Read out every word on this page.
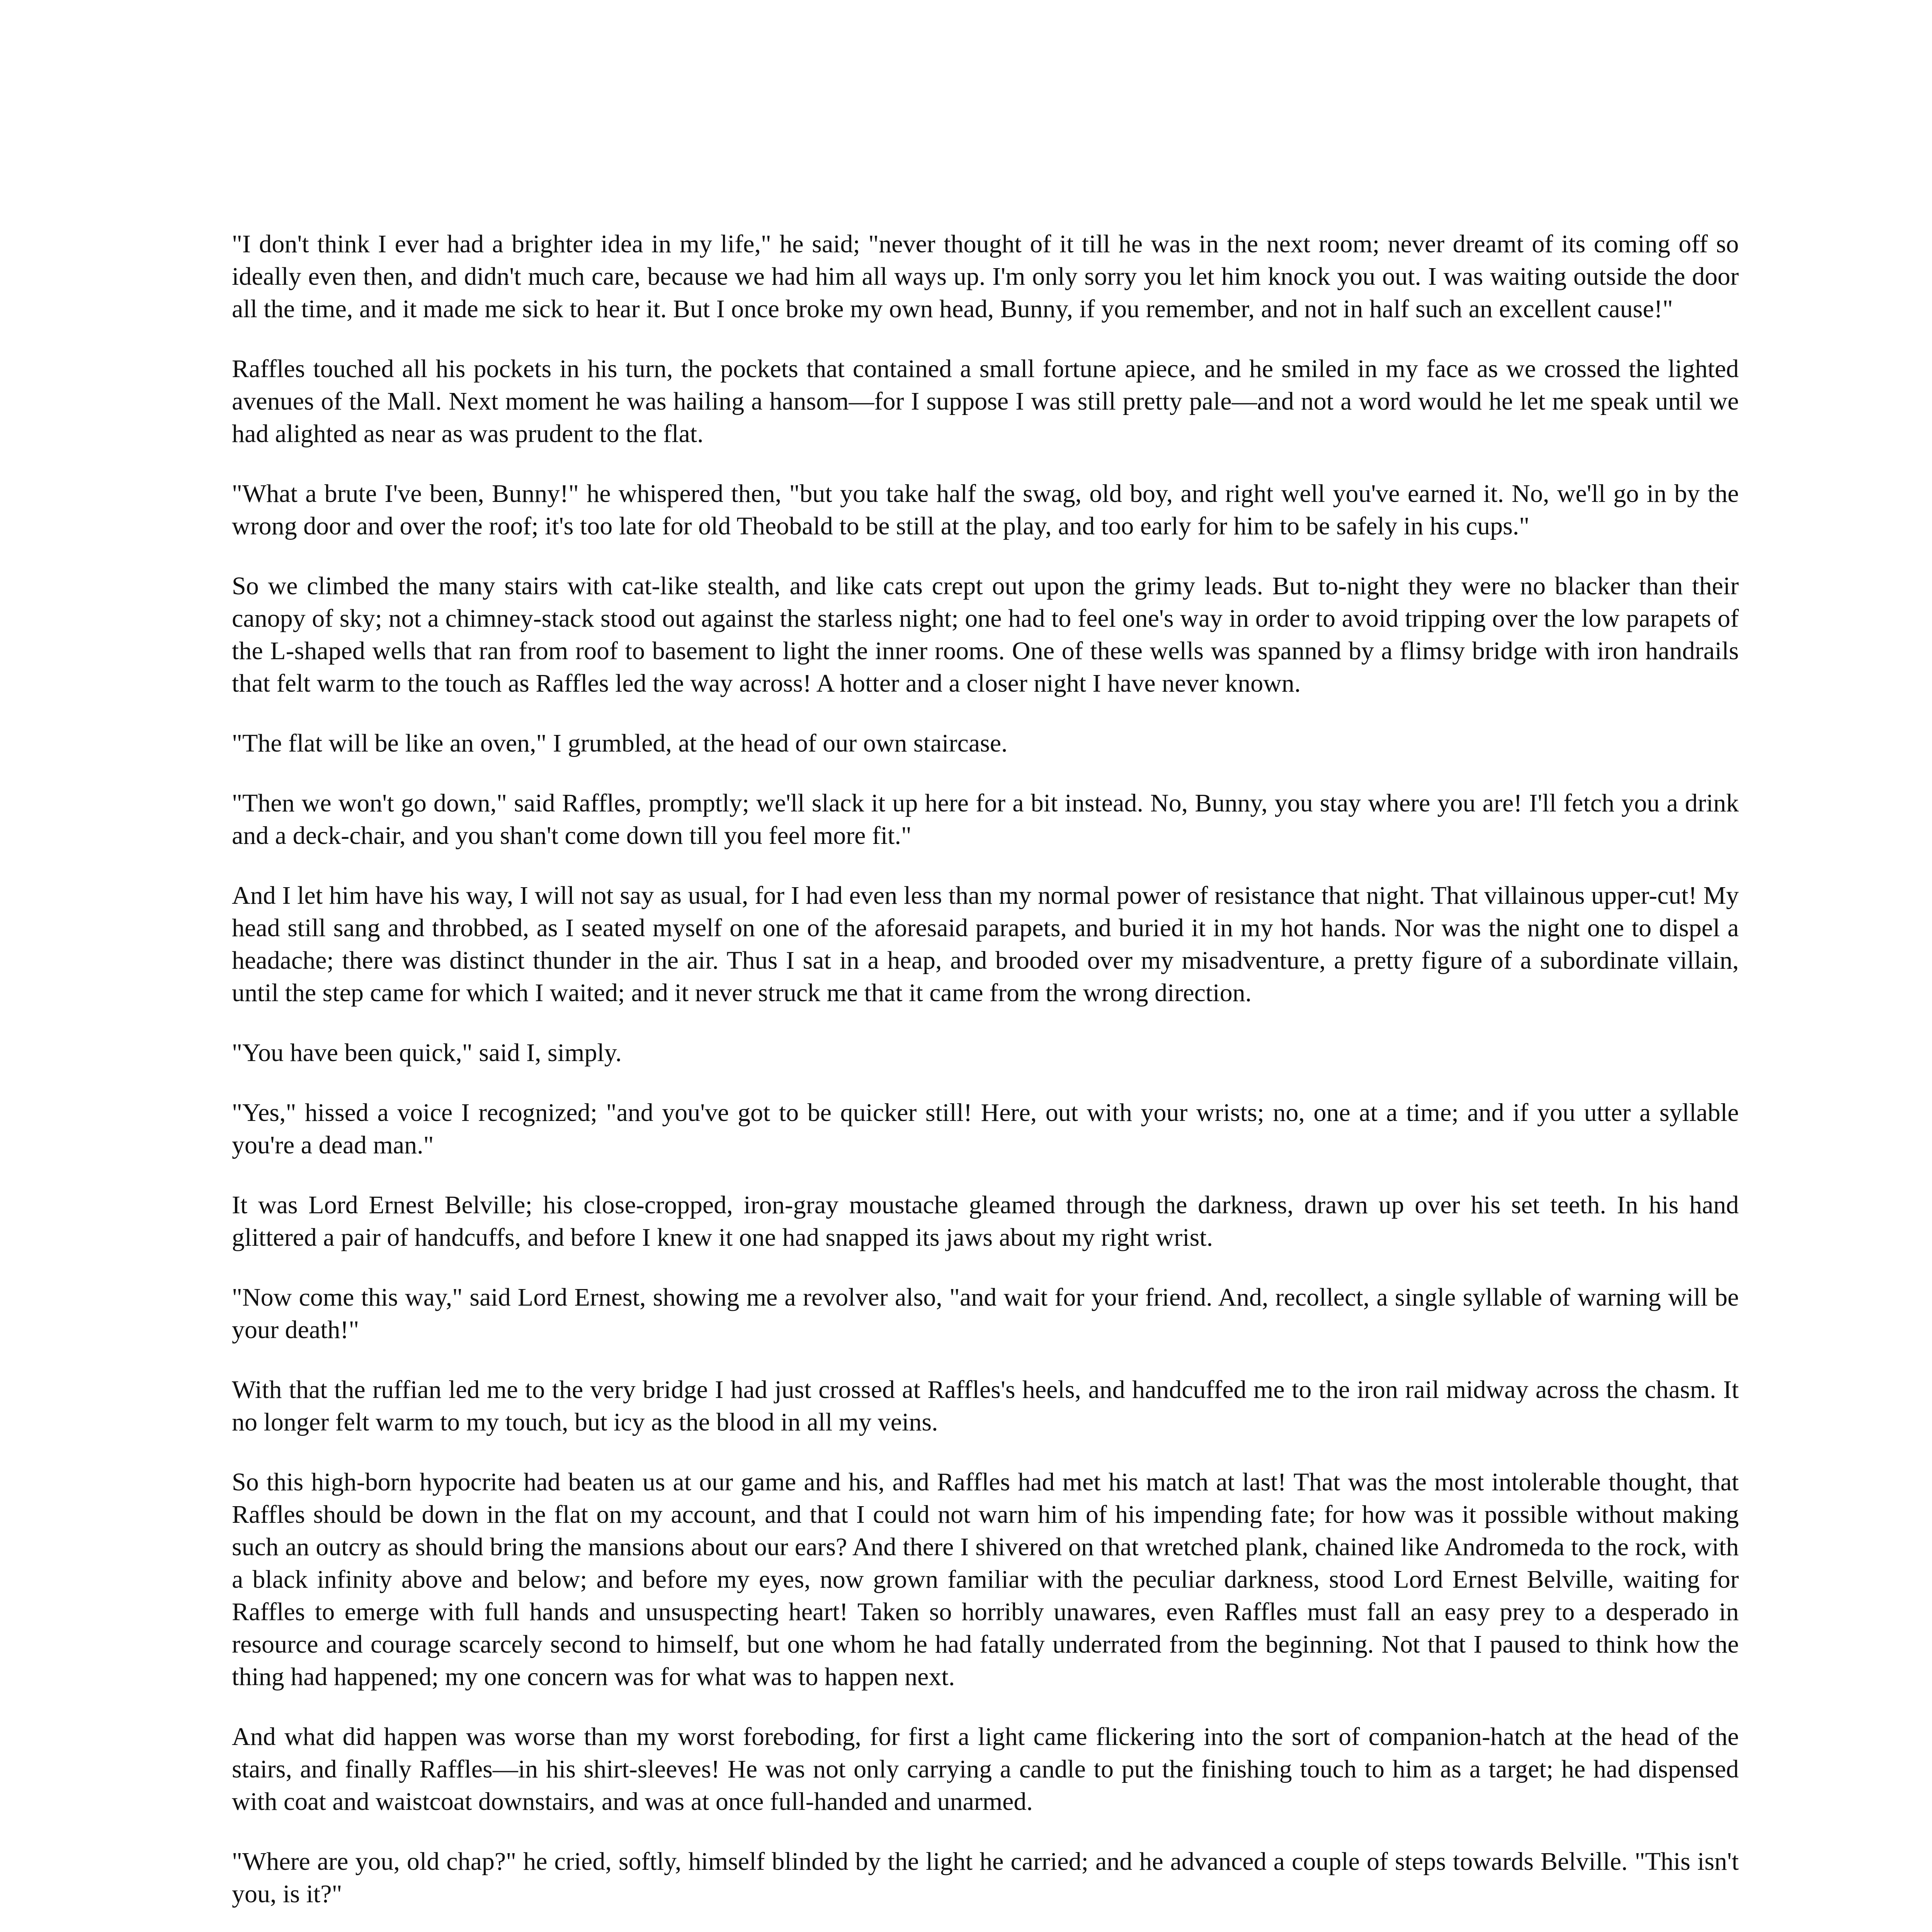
"I don't think I ever had a brighter idea in my life," he said; "never thought of it till he was in the next room; never dreamt of its coming off so ideally even then, and didn't much care, because we had him all ways up. I'm only sorry you let him knock you out. I was waiting outside the door all the time, and it made me sick to hear it. But I once broke my own head, Bunny, if you remember, and not in half such an excellent cause!"

Raffles touched all his pockets in his turn, the pockets that contained a small fortune apiece, and he smiled in my face as we crossed the lighted avenues of the Mall. Next moment he was hailing a hansom—for I suppose I was still pretty pale—and not a word would he let me speak until we had alighted as near as was prudent to the flat.

"What a brute I've been, Bunny!" he whispered then, "but you take half the swag, old boy, and right well you've earned it. No, we'll go in by the wrong door and over the roof; it's too late for old Theobald to be still at the play, and too early for him to be safely in his cups."

So we climbed the many stairs with cat-like stealth, and like cats crept out upon the grimy leads. But to-night they were no blacker than their canopy of sky; not a chimney-stack stood out against the starless night; one had to feel one's way in order to avoid tripping over the low parapets of the L-shaped wells that ran from roof to basement to light the inner rooms. One of these wells was spanned by a flimsy bridge with iron handrails that felt warm to the touch as Raffles led the way across! A hotter and a closer night I have never known.

"The flat will be like an oven," I grumbled, at the head of our own staircase.

"Then we won't go down," said Raffles, promptly; we'll slack it up here for a bit instead. No, Bunny, you stay where you are! I'll fetch you a drink and a deck-chair, and you shan't come down till you feel more fit."

And I let him have his way, I will not say as usual, for I had even less than my normal power of resistance that night. That villainous upper-cut! My head still sang and throbbed, as I seated myself on one of the aforesaid parapets, and buried it in my hot hands. Nor was the night one to dispel a headache; there was distinct thunder in the air. Thus I sat in a heap, and brooded over my misadventure, a pretty figure of a subordinate villain, until the step came for which I waited; and it never struck me that it came from the wrong direction.

"You have been quick," said I, simply.

"Yes," hissed a voice I recognized; "and you've got to be quicker still! Here, out with your wrists; no, one at a time; and if you utter a syllable you're a dead man."

It was Lord Ernest Belville; his close-cropped, iron-gray moustache gleamed through the darkness, drawn up over his set teeth. In his hand glittered a pair of handcuffs, and before I knew it one had snapped its jaws about my right wrist.

"Now come this way," said Lord Ernest, showing me a revolver also, "and wait for your friend. And, recollect, a single syllable of warning will be your death!"

With that the ruffian led me to the very bridge I had just crossed at Raffles's heels, and handcuffed me to the iron rail midway across the chasm. It no longer felt warm to my touch, but icy as the blood in all my veins.

So this high-born hypocrite had beaten us at our game and his, and Raffles had met his match at last! That was the most intolerable thought, that Raffles should be down in the flat on my account, and that I could not warn him of his impending fate; for how was it possible without making such an outcry as should bring the mansions about our ears? And there I shivered on that wretched plank, chained like Andromeda to the rock, with a black infinity above and below; and before my eyes, now grown familiar with the peculiar darkness, stood Lord Ernest Belville, waiting for Raffles to emerge with full hands and unsuspecting heart! Taken so horribly unawares, even Raffles must fall an easy prey to a desperado in resource and courage scarcely second to himself, but one whom he had fatally underrated from the beginning. Not that I paused to think how the thing had happened; my one concern was for what was to happen next.

And what did happen was worse than my worst foreboding, for first a light came flickering into the sort of companion-hatch at the head of the stairs, and finally Raffles—in his shirt-sleeves! He was not only carrying a candle to put the finishing touch to him as a target; he had dispensed with coat and waistcoat downstairs, and was at once full-handed and unarmed.

"Where are you, old chap?" he cried, softly, himself blinded by the light he carried; and he advanced a couple of steps towards Belville. "This isn't you, is it?"
